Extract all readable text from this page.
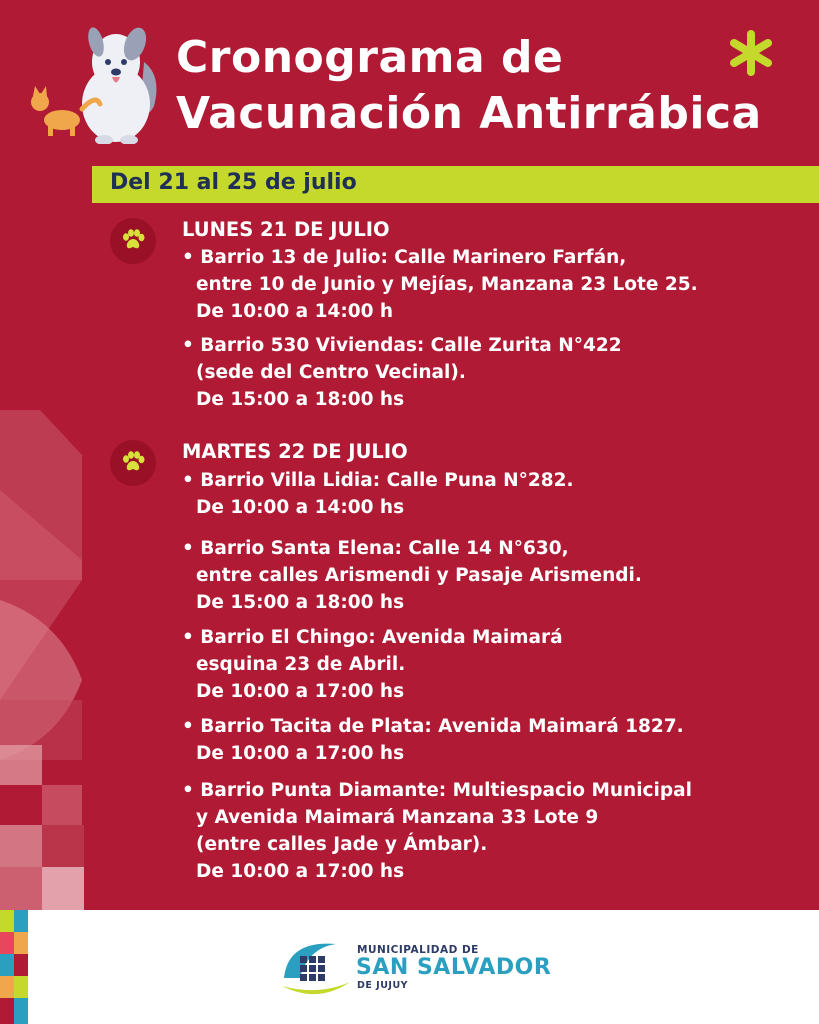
Cronograma de
Vacunación Antirrábica
Del 21 al 25 de julio
LUNES 21 DE JULIO
• Barrio 13 de Julio: Calle Marinero Farfán,
entre 10 de Junio y Mejías, Manzana 23 Lote 25.
De 10:00 a 14:00 h
• Barrio 530 Viviendas: Calle Zurita N°422
(sede del Centro Vecinal).
De 15:00 a 18:00 hs
MARTES 22 DE JULIO
• Barrio Villa Lidia: Calle Puna N°282.
De 10:00 a 14:00 hs
• Barrio Santa Elena: Calle 14 N°630,
entre calles Arismendi y Pasaje Arismendi.
De 15:00 a 18:00 hs
• Barrio El Chingo: Avenida Maimará
esquina 23 de Abril.
De 10:00 a 17:00 hs
• Barrio Tacita de Plata: Avenida Maimará 1827.
De 10:00 a 17:00 hs
• Barrio Punta Diamante: Multiespacio Municipal
y Avenida Maimará Manzana 33 Lote 9
(entre calles Jade y Ámbar).
De 10:00 a 17:00 hs
MUNICIPALIDAD DE
SAN SALVADOR
DE JUJUY
